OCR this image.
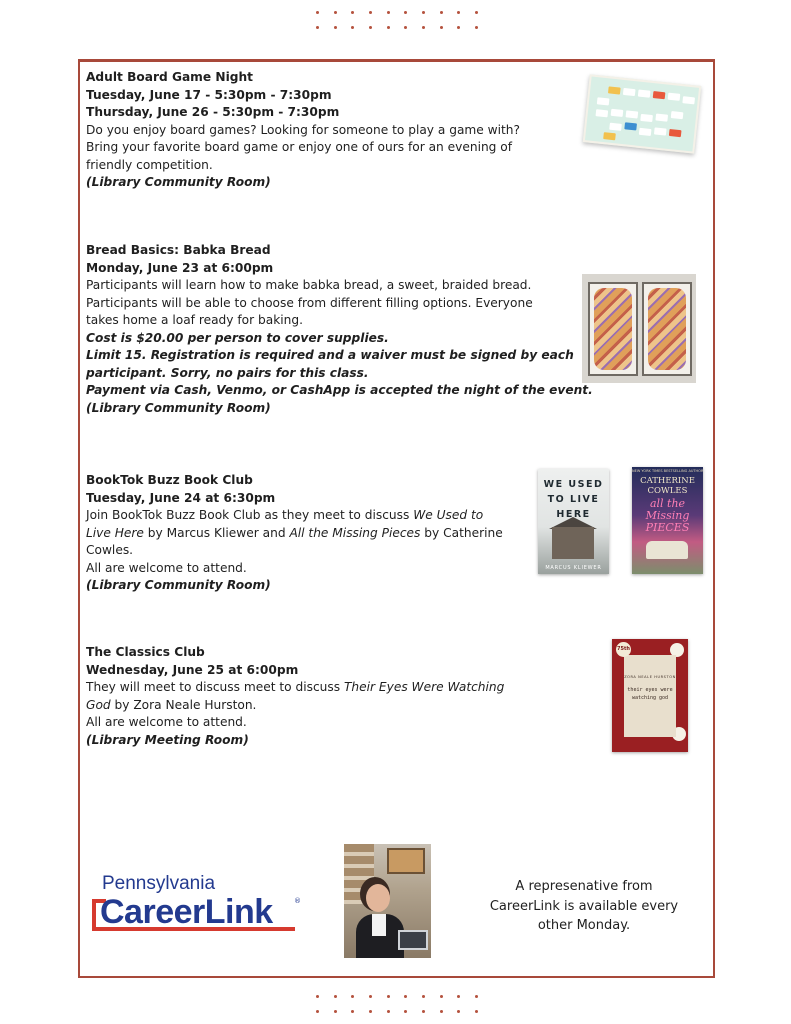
Adult Board Game Night

Tuesday, June 17 - 5:30pm - 7:30pm

Thursday, June 26 - 5:30pm - 7:30pm

Do you enjoy board games? Looking for someone to play a game with?

Bring your favorite board game or enjoy one of ours for an evening of

friendly competition.

(Library Community Room)

Bread Basics: Babka Bread

Monday, June 23 at 6:00pm

Participants will learn how to make babka bread, a sweet, braided bread.

Participants will be able to choose from different filling options. Everyone

takes home a loaf ready for baking.

Cost is $20.00 per person to cover supplies.

Limit 15. Registration is required and a waiver must be signed by each

participant. Sorry, no pairs for this class.

Payment via Cash, Venmo, or CashApp is accepted the night of the event.

(Library Community Room)

BookTok Buzz Book Club

Tuesday, June 24 at 6:30pm

Join BookTok Buzz Book Club as they meet to discuss We Used to

Live Here by Marcus Kliewer and All the Missing Pieces by Catherine

Cowles.

All are welcome to attend.

(Library Community Room)

WE USED
TO LIVE
HERE
MARCUS KLIEWER
NEW YORK TIMES BESTSELLING AUTHOR
CATHERINE
COWLES
all the
Missing
PIECES

The Classics Club

Wednesday, June 25 at 6:00pm

They will meet to discuss meet to discuss Their Eyes Were Watching

God by Zora Neale Hurston.

All are welcome to attend.

(Library Meeting Room)

ZORA NEALE HURSTON
their eyes were
watching god
75th
Pennsylvania
CareerLink	®

A represenative from

CareerLink is available every

other Monday.
